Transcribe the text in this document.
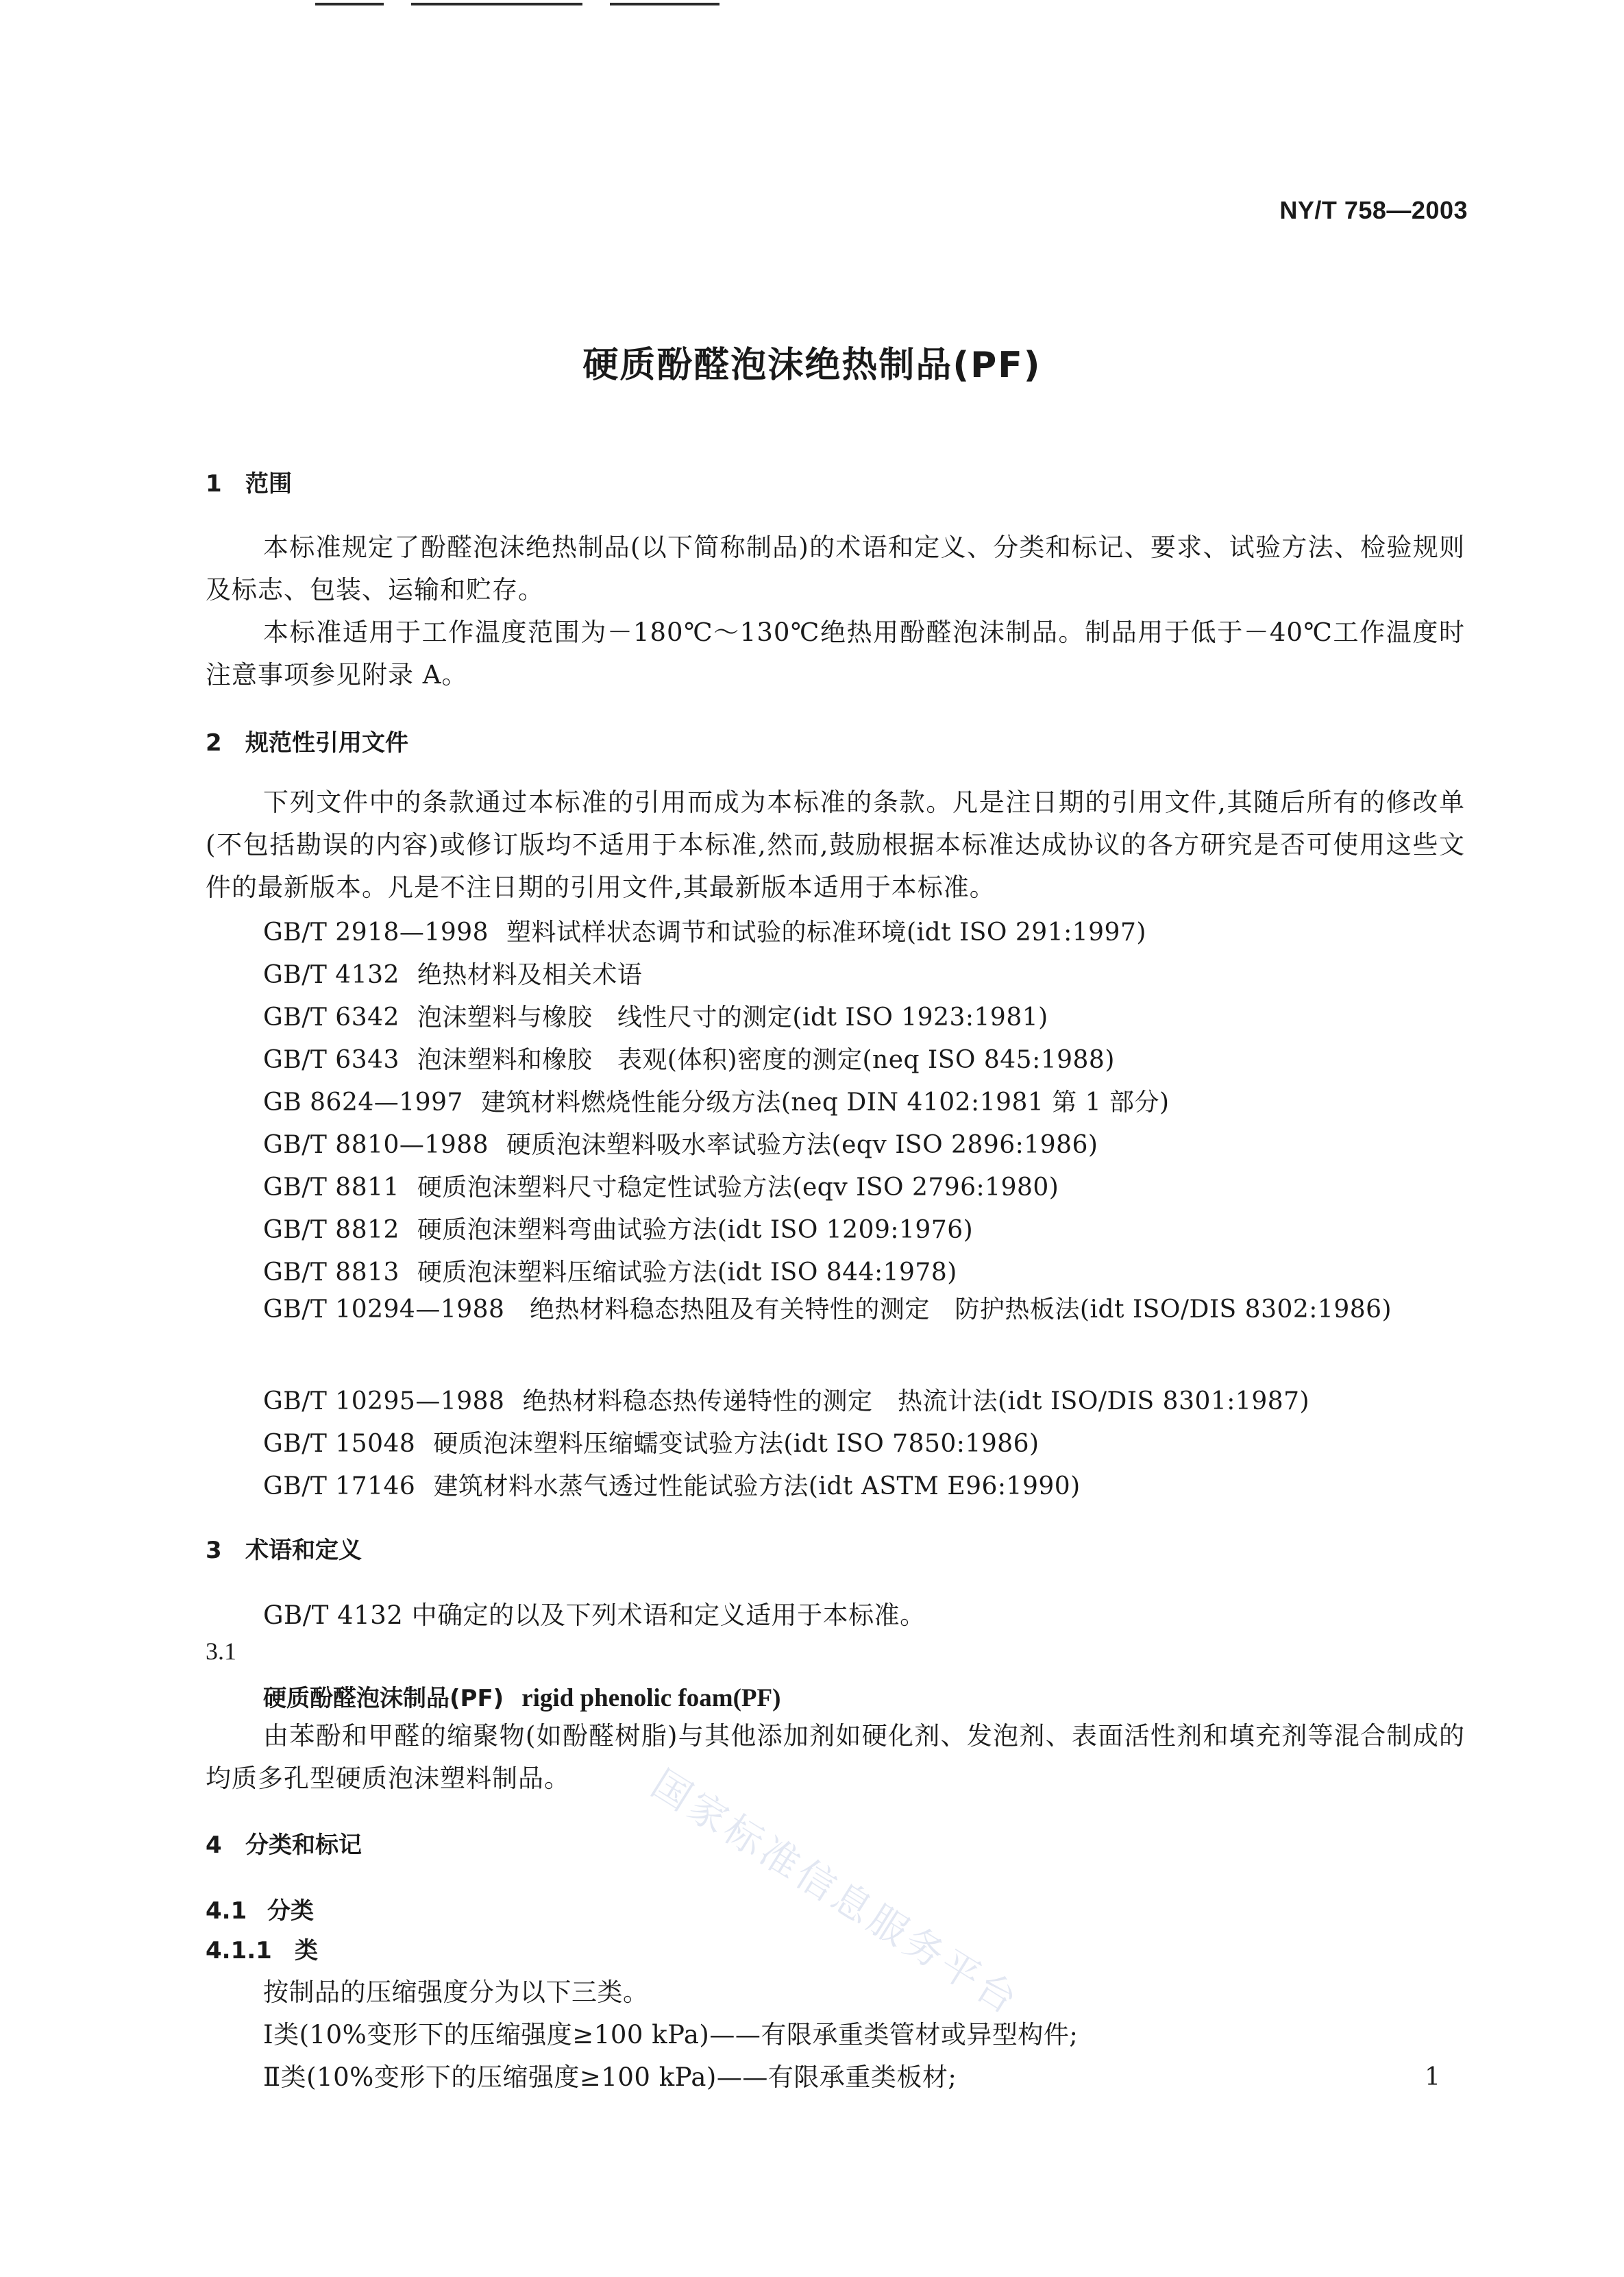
NY/T 758—2003
硬质酚醛泡沫绝热制品(PF)
1 范围
本标准规定了酚醛泡沫绝热制品(以下简称制品)的术语和定义、分类和标记、要求、试验方法、检验规则及标志、包装、运输和贮存。
本标准适用于工作温度范围为－180℃～130℃绝热用酚醛泡沫制品。制品用于低于－40℃工作温度时注意事项参见附录 A。
2 规范性引用文件
下列文件中的条款通过本标准的引用而成为本标准的条款。凡是注日期的引用文件,其随后所有的修改单(不包括勘误的内容)或修订版均不适用于本标准,然而,鼓励根据本标准达成协议的各方研究是否可使用这些文件的最新版本。凡是不注日期的引用文件,其最新版本适用于本标准。
GB/T 2918—1998 塑料试样状态调节和试验的标准环境(idt ISO 291:1997)
GB/T 4132 绝热材料及相关术语
GB/T 6342 泡沫塑料与橡胶　线性尺寸的测定(idt ISO 1923:1981)
GB/T 6343 泡沫塑料和橡胶　表观(体积)密度的测定(neq ISO 845:1988)
GB 8624—1997 建筑材料燃烧性能分级方法(neq DIN 4102:1981 第 1 部分)
GB/T 8810—1988 硬质泡沫塑料吸水率试验方法(eqv ISO 2896:1986)
GB/T 8811 硬质泡沫塑料尺寸稳定性试验方法(eqv ISO 2796:1980)
GB/T 8812 硬质泡沫塑料弯曲试验方法(idt ISO 1209:1976)
GB/T 8813 硬质泡沫塑料压缩试验方法(idt ISO 844:1978)
GB/T 10294—1988　绝热材料稳态热阻及有关特性的测定　防护热板法(idt ISO/DIS 8302:1986)
GB/T 10295—1988 绝热材料稳态热传递特性的测定　热流计法(idt ISO/DIS 8301:1987)
GB/T 15048 硬质泡沫塑料压缩蠕变试验方法(idt ISO 7850:1986)
GB/T 17146 建筑材料水蒸气透过性能试验方法(idt ASTM E96:1990)
3 术语和定义
GB/T 4132 中确定的以及下列术语和定义适用于本标准。
3.1
硬质酚醛泡沫制品(PF) rigid phenolic foam(PF)
由苯酚和甲醛的缩聚物(如酚醛树脂)与其他添加剂如硬化剂、发泡剂、表面活性剂和填充剂等混合制成的均质多孔型硬质泡沫塑料制品。
4 分类和标记
4.1 分类
4.1.1 类
按制品的压缩强度分为以下三类。
Ⅰ类(10%变形下的压缩强度≥100 kPa)——有限承重类管材或异型构件;
Ⅱ类(10%变形下的压缩强度≥100 kPa)——有限承重类板材;	1
国家标准信息服务平台
